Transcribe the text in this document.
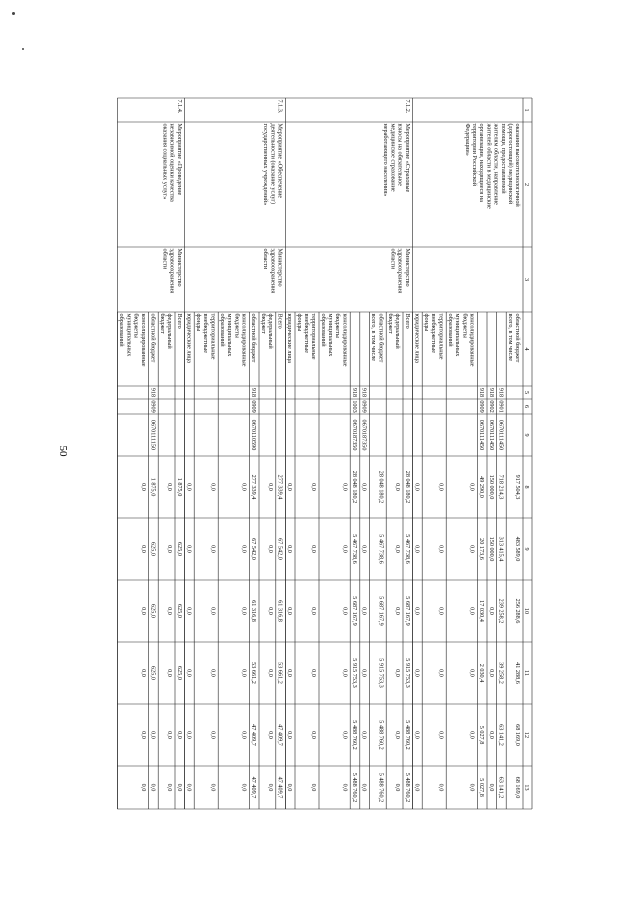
1
2
3
4
5
6
9
8
9
10
11
12
13
областной бюджет
всего, в том числе
917 504,3
483 589,0
256 288,6
41 288,6
68 169,0
68 169,0
918
0901
0670111450
718 214,3
313 415,4
239 258,2
39 258,2
63 141,2
63 141,2
918
0902
0670111450
150 000,0
150 000,0
0,0
0,0
0,0
0,0
918
0909
0670111450
49 290,0
20 173,6
17 030,4
2 030,4
5 027,8
5 027,8
консолидированные
бюджеты
муниципальных
образований
0,0
0,0
0,0
0,0
0,0
0,0
территориальные
внебюджетные
фонды
0,0
0,0
0,0
0,0
0,0
0,0
юридические лица
0,0
0,0
0,0
0,0
0,0
0,0
оказания высокотехнологичной
(дорогостоящей) медицинской
помощи, предоставляемой
жителям области, направление
жителей области в медицинские
организации, находящиеся на
территории Российской
Федерации»
Всего
28 048 180,2
5 467 738,6
5 687 167,9
5 915 753,3
5 488 760,2
5 488 760,2
федеральный
бюджет
0,0
0,0
0,0
0,0
0,0
0,0
областной бюджет
всего, в том числе
28 048 180,2
5 467 738,6
5 687 167,9
5 915 753,3
5 488 760,2
5 488 760,2
918
0909
0670187350
0,0
0,0
0,0
0,0
0,0
0,0
918
1003
0670187350
28 048 180,2
5 467 738,6
5 687 167,9
5 915 753,3
5 488 760,2
5 488 760,2
консолидированные
бюджеты
муниципальных
образований
0,0
0,0
0,0
0,0
0,0
0,0
территориальные
внебюджетные
фонды
0,0
0,0
0,0
0,0
0,0
0,0
юридические лица
0,0
0,0
0,0
0,0
0,0
0,0
7.1.2.
Мероприятие «Страховые
взносы на обязательное
медицинское страхование
неработающего населения»
Министерство
здравоохранения
области
Всего
277 339,4
67 542,0
61 316,8
53 661,2
47 409,7
47 409,7
федеральный
бюджет
0,0
0,0
0,0
0,0
0,0
0,0
областной бюджет
918
0909
0670110590
277 339,4
67 542,0
61 316,8
53 661,2
47 409,7
47 409,7
консолидированные
бюджеты
муниципальных
образований
0,0
0,0
0,0
0,0
0,0
0,0
территориальные
внебюджетные
фонды
0,0
0,0
0,0
0,0
0,0
0,0
юридические лица
0,0
0,0
0,0
0,0
0,0
0,0
7.1.3.
Мероприятие «Обеспечение
деятельности (оказание услуг)
государственных учреждений»
Министерство
здравоохранения
области
Всего
1 875,0
625,0
625,0
625,0
0,0
0,0
федеральный
бюджет
0,0
0,0
0,0
0,0
0,0
0,0
областной бюджет
918
0909
0670111150
1 875,0
625,0
625,0
625,0
0,0
0,0
консолидированные
бюджеты
муниципальных
образований
0,0
0,0
0,0
0,0
0,0
0,0
7.1.4.
Мероприятие «Проведение
независимой оценки качества
оказания социальных услуг»
Министерство
здравоохранения
области
50
